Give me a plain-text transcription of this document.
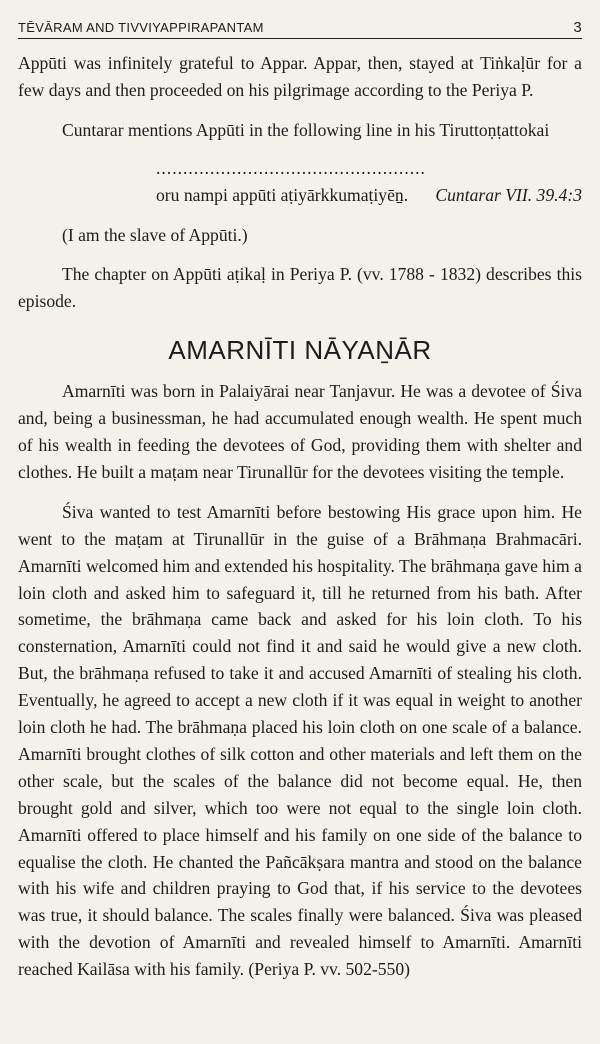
TĒVĀRAM AND TIVVIYAPPIRAPANTAM	3

Appūti was infinitely grateful to Appar. Appar, then, stayed at Tiṅkaḷūr for a few days and then proceeded on his pilgrimage according to the Periya P.

Cuntarar mentions Appūti in the following line in his Tiruttoṇṭattokai

..................................................
oru nampi appūti aṭiyārkkumaṭiyēṉ. Cuntarar VII. 39.4:3

(I am the slave of Appūti.)

The chapter on Appūti aṭikaḷ in Periya P. (vv. 1788 - 1832) describes this episode.

AMARNĪTI NĀYAṈĀR

Amarnīti was born in Palaiyārai near Tanjavur. He was a devotee of Śiva and, being a businessman, he had accumulated enough wealth. He spent much of his wealth in feeding the devotees of God, providing them with shelter and clothes. He built a maṭam near Tirunallūr for the devotees visiting the temple.

Śiva wanted to test Amarnīti before bestowing His grace upon him. He went to the maṭam at Tirunallūr in the guise of a Brāhmaṇa Brahmacāri. Amarnīti welcomed him and extended his hospitality. The brāhmaṇa gave him a loin cloth and asked him to safeguard it, till he returned from his bath. After sometime, the brāhmaṇa came back and asked for his loin cloth. To his consternation, Amarnīti could not find it and said he would give a new cloth. But, the brāhmaṇa refused to take it and accused Amarnīti of stealing his cloth. Eventually, he agreed to accept a new cloth if it was equal in weight to another loin cloth he had. The brāhmaṇa placed his loin cloth on one scale of a balance. Amarnīti brought clothes of silk cotton and other materials and left them on the other scale, but the scales of the balance did not become equal. He, then brought gold and silver, which too were not equal to the single loin cloth. Amarnīti offered to place himself and his family on one side of the balance to equalise the cloth. He chanted the Pañcākṣara mantra and stood on the balance with his wife and children praying to God that, if his service to the devotees was true, it should balance. The scales finally were balanced. Śiva was pleased with the devotion of Amarnīti and revealed himself to Amarnīti. Amarnīti reached Kailāsa with his family. (Periya P. vv. 502-550)
